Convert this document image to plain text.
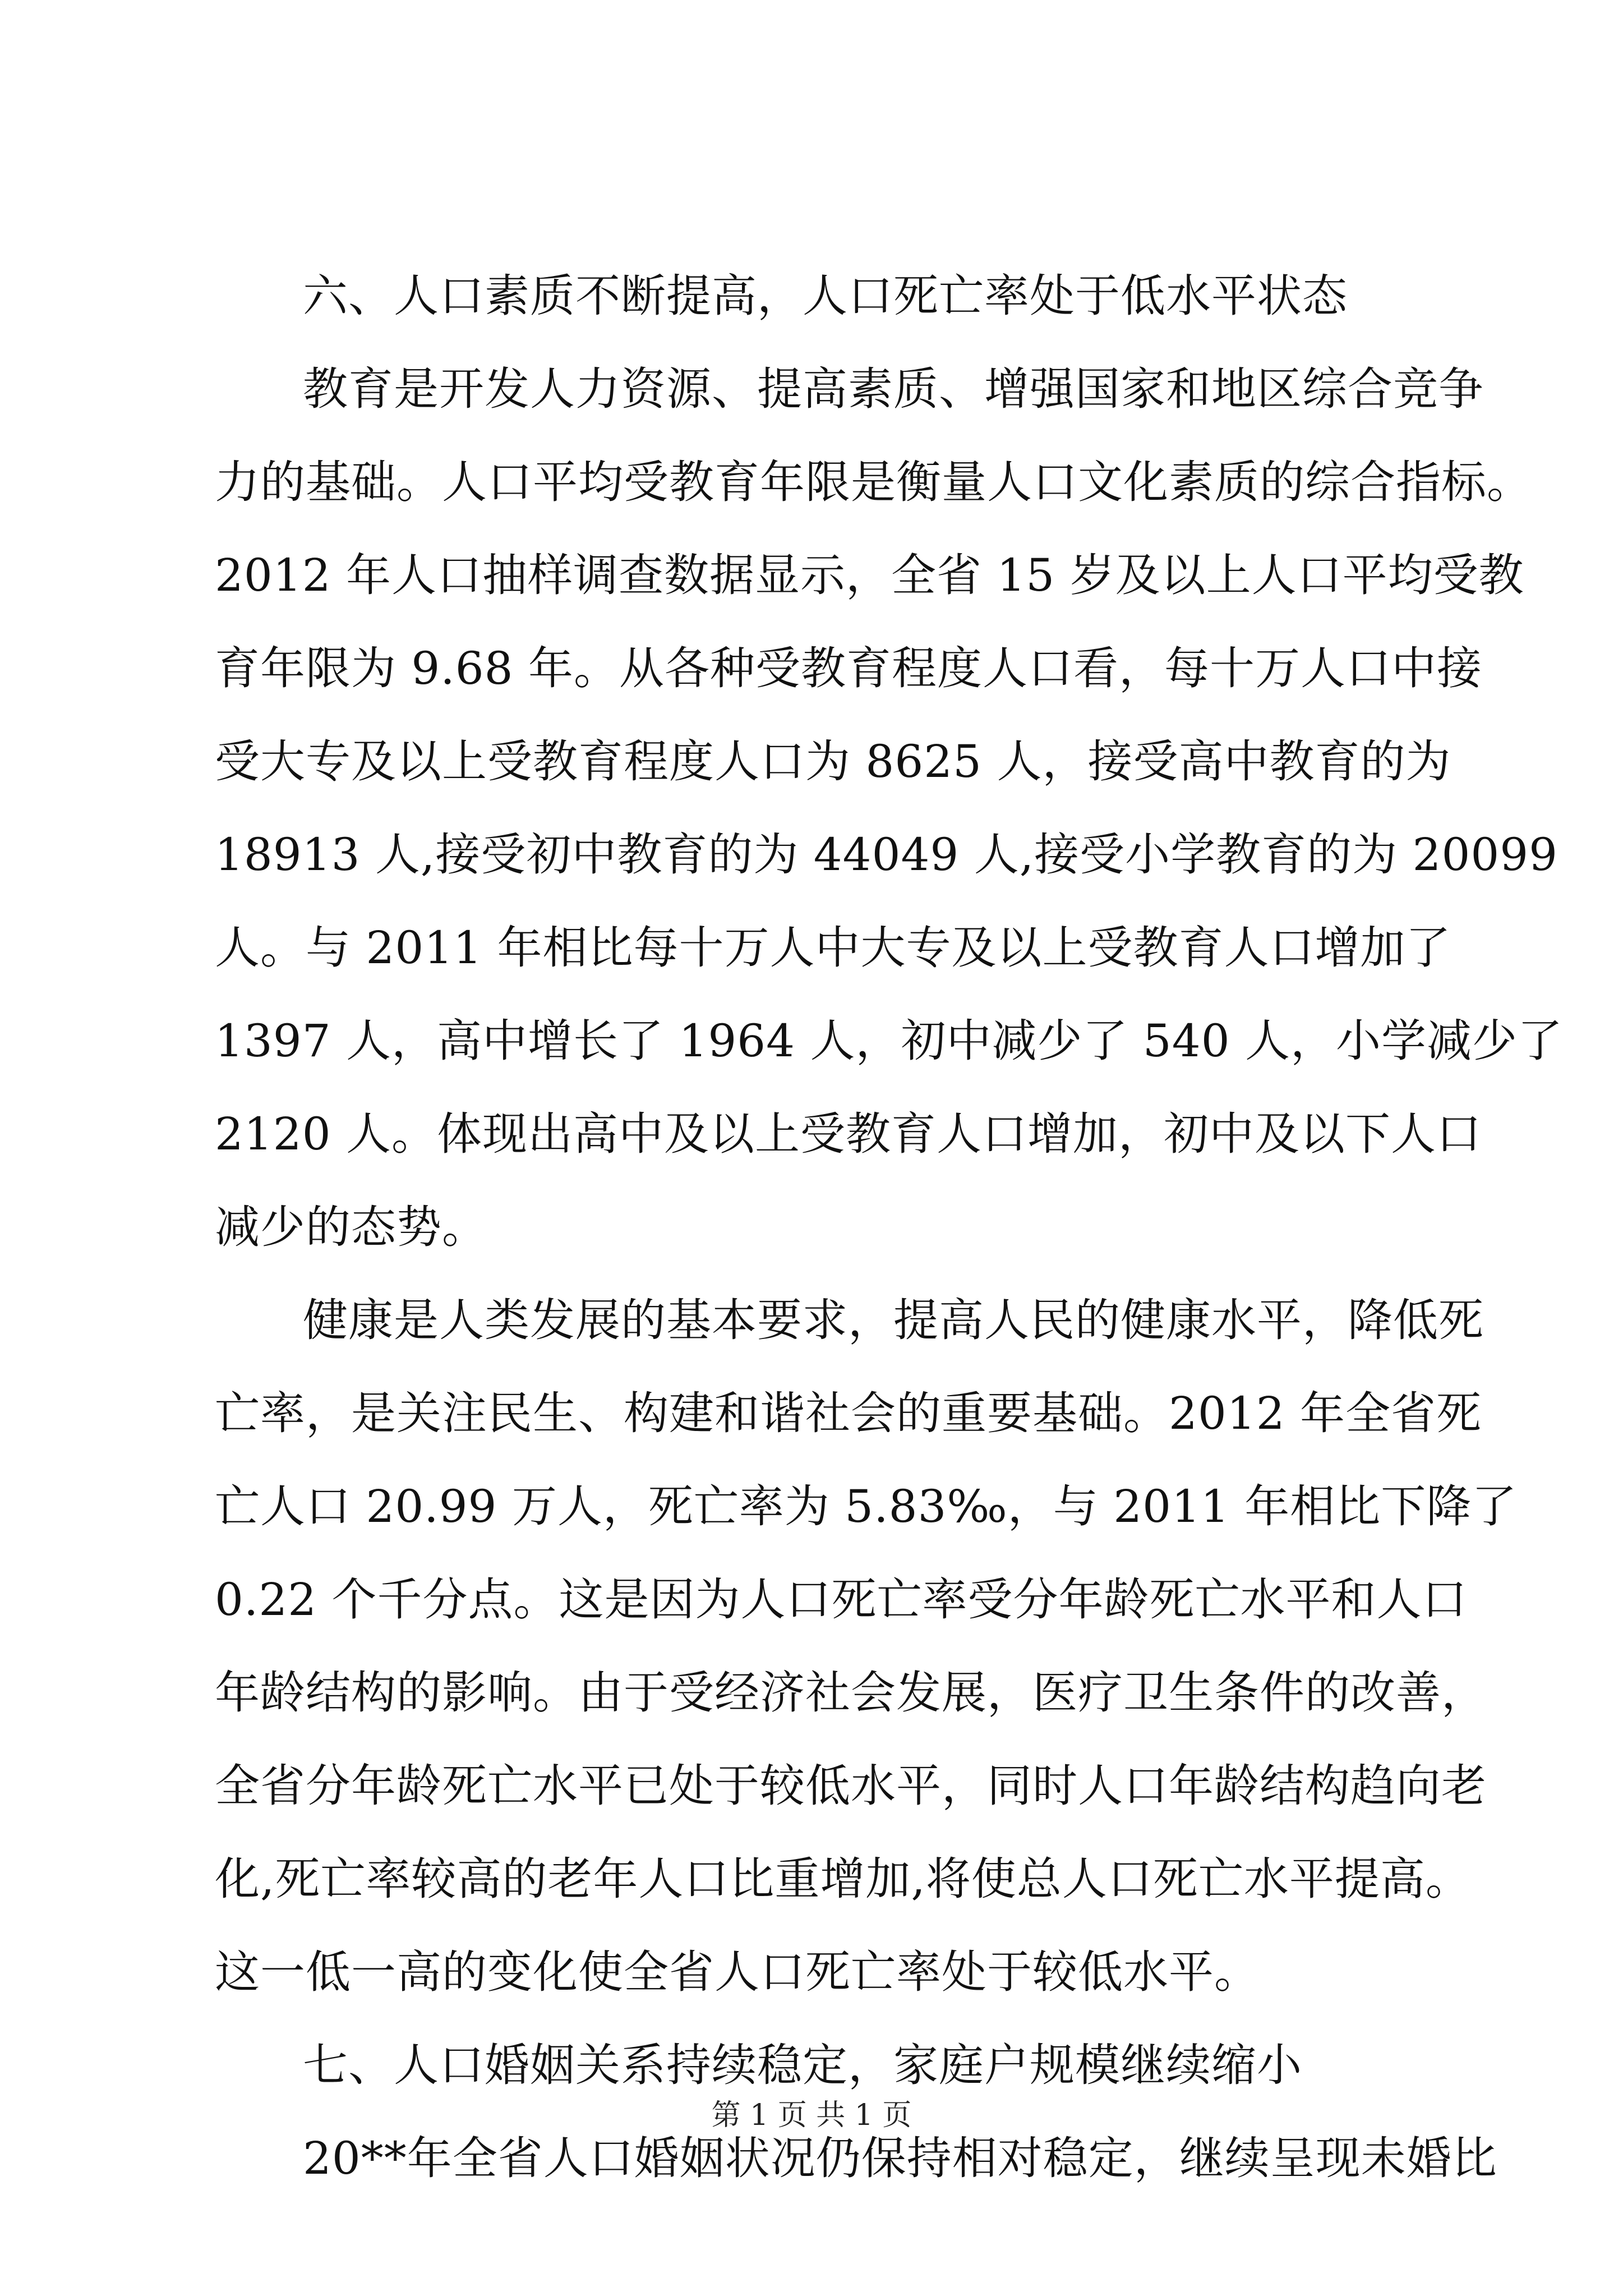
六、人口素质不断提高，人口死亡率处于低水平状态
教育是开发人力资源、提高素质、增强国家和地区综合竞争
力的基础。人口平均受教育年限是衡量人口文化素质的综合指标。
2012 年人口抽样调查数据显示，全省 15 岁及以上人口平均受教
育年限为 9.68 年。从各种受教育程度人口看，每十万人口中接
受大专及以上受教育程度人口为 8625 人，接受高中教育的为
18913 人,接受初中教育的为 44049 人,接受小学教育的为 20099
人。与 2011 年相比每十万人中大专及以上受教育人口增加了
1397 人，高中增长了 1964 人，初中减少了 540 人，小学减少了
2120 人。体现出高中及以上受教育人口增加，初中及以下人口
减少的态势。
健康是人类发展的基本要求，提高人民的健康水平，降低死
亡率，是关注民生、构建和谐社会的重要基础。2012 年全省死
亡人口 20.99 万人，死亡率为 5.83‰，与 2011 年相比下降了
0.22 个千分点。这是因为人口死亡率受分年龄死亡水平和人口
年龄结构的影响。由于受经济社会发展，医疗卫生条件的改善，
全省分年龄死亡水平已处于较低水平，同时人口年龄结构趋向老
化,死亡率较高的老年人口比重增加,将使总人口死亡水平提高。
这一低一高的变化使全省人口死亡率处于较低水平。
七、人口婚姻关系持续稳定，家庭户规模继续缩小
20**年全省人口婚姻状况仍保持相对稳定，继续呈现未婚比
第 1 页 共 1 页
